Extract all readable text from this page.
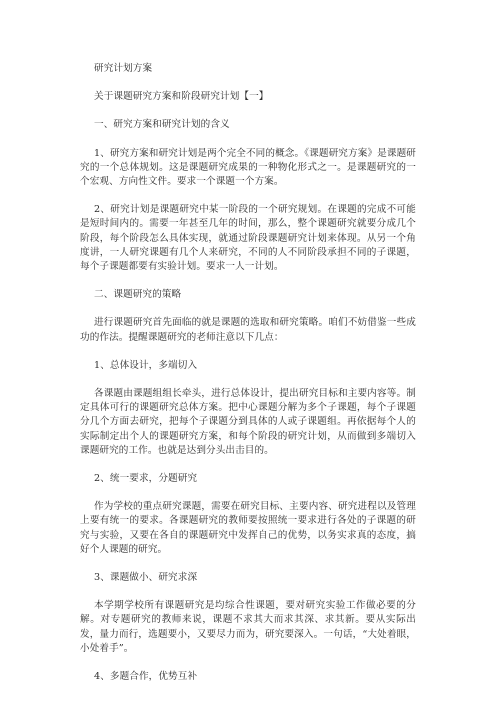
研究计划方案
关于课题研究方案和阶段研究计划【一】
一、研究方案和研究计划的含义
1、研究方案和研究计划是两个完全不同的概念。《课题研究方案》是课题研究的一个总体规划。这是课题研究成果的一种物化形式之一。是课题研究的一个宏观、方向性文件。要求一个课题一个方案。
2、研究计划是课题研究中某一阶段的一个研究规划。在课题的完成不可能是短时间内的。需要一年甚至几年的时间，那么，整个课题研究就要分成几个阶段，每个阶段怎么具体实现，就通过阶段课题研究计划来体现。从另一个角度讲，一人研究课题有几个人来研究，不同的人不同阶段承担不同的子课题，每个子课题都要有实验计划。要求一人一计划。
二、课题研究的策略
进行课题研究首先面临的就是课题的选取和研究策略。咱们不妨借鉴一些成功的作法。提醒课题研究的老师注意以下几点：
1、总体设计，多端切入
各课题由课题组组长牵头，进行总体设计，提出研究目标和主要内容等。制定具体可行的课题研究总体方案。把中心课题分解为多个子课题，每个子课题分几个方面去研究，把每个子课题分到具体的人或子课题组。再依据每个人的实际制定出个人的课题研究方案，和每个阶段的研究计划，从而做到多端切入课题研究的工作。也就是达到分头出击目的。
2、统一要求，分题研究
作为学校的重点研究课题，需要在研究目标、主要内容、研究进程以及管理上要有统一的要求。各课题研究的教师要按照统一要求进行各处的子课题的研究与实验，又要在各自的课题研究中发挥自己的优势，以务实求真的态度，搞好个人课题的研究。
3、课题做小、研究求深
本学期学校所有课题研究是均综合性课题，要对研究实验工作做必要的分解。对专题研究的教师来说，课题不求其大而求其深、求其新。要从实际出发，量力而行，选题要小，又要尽力而为，研究要深入。一句话，“大处着眼，小处着手”。
4、多题合作，优势互补
